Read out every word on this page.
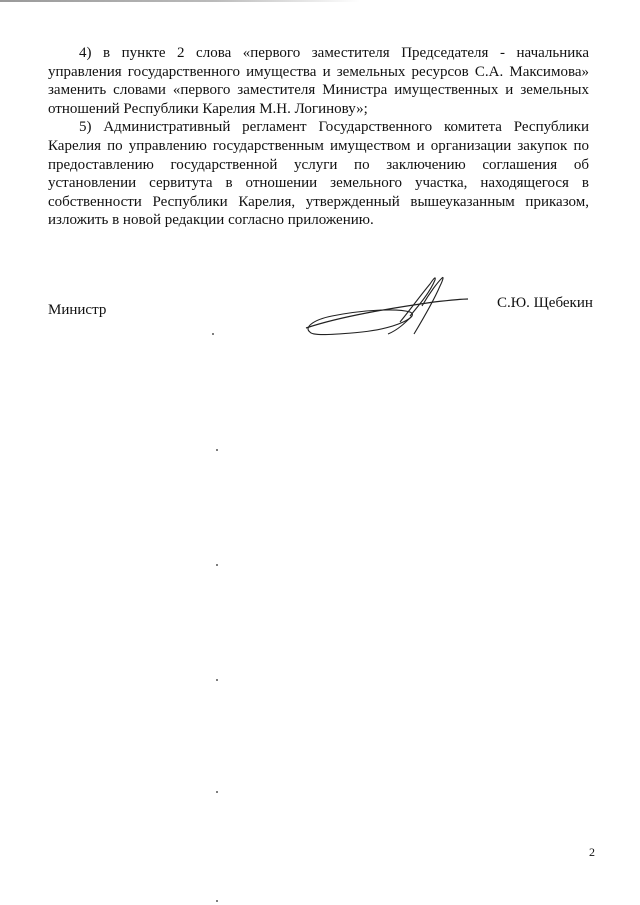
4) в пункте 2 слова «первого заместителя Председателя - начальника управления государственного имущества и земельных ресурсов С.А. Максимова» заменить словами «первого заместителя Министра имущественных и земельных отношений Республики Карелия М.Н. Логинову»;

5) Административный регламент Государственного комитета Республики Карелия по управлению государственным имуществом и организации закупок по предоставлению государственной услуги по заключению соглашения об установлении сервитута в отношении земельного участка, находящегося в собственности Республики Карелия, утвержденный вышеуказанным приказом, изложить в новой редакции согласно приложению.

Министр	С.Ю. Щебекин
2
